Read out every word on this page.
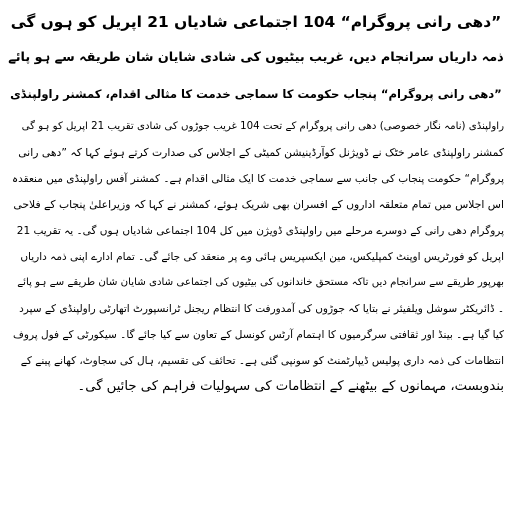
”دھی رانی پروگرام“ 104 اجتماعی شادیاں 21 اپریل کو ہوں گی

ذمہ داریاں سرانجام دیں، غریب بیٹیوں کی شادی شایان شان طریقہ سے ہو پائے

”دھی رانی پروگرام“ پنجاب حکومت کا سماجی خدمت کا مثالی اقدام، کمشنر راولپنڈی

راولپنڈی (نامہ نگار خصوصی) دھی رانی پروگرام کے تحت 104 غریب جوڑوں کی شادی تقریب 21 اپریل کو ہو گی

کمشنر راولپنڈی عامر خٹک نے ڈویژنل کوآرڈینیشن کمیٹی کے اجلاس کی صدارت کرتے ہوئے کہا کہ ”دھی رانی

پروگرام“ حکومت پنجاب کی جانب سے سماجی خدمت کا ایک مثالی اقدام ہے۔ کمشنر آفس راولپنڈی میں منعقدہ

اس اجلاس میں تمام متعلقہ اداروں کے افسران بھی شریک ہوئے، کمشنر نے کہا کہ وزیراعلیٰ پنجاب کے فلاحی

پروگرام دھی رانی کے دوسرے مرحلے میں راولپنڈی ڈویژن میں کل 104 اجتماعی شادیاں ہوں گی۔ یہ تقریب 21

اپریل کو فورٹریس اوپنٹ کمپلیکس، مین ایکسپریس ہائی وے پر منعقد کی جائے گی۔ تمام ادارے اپنی ذمہ داریاں

بھرپور طریقے سے سرانجام دیں تاکہ مستحق خاندانوں کی بیٹیوں کی اجتماعی شادی شایان شان طریقے سے ہو پائے

۔ ڈائریکٹر سوشل ویلفیئر نے بتایا کہ جوڑوں کی آمدورفت کا انتظام ریجنل ٹرانسپورٹ اتھارٹی راولپنڈی کے سپرد

کیا گیا ہے۔ بینڈ اور ثقافتی سرگرمیوں کا اہتمام آرٹس کونسل کے تعاون سے کیا جائے گا۔ سیکورٹی کے فول پروف

انتظامات کی ذمہ داری پولیس ڈیپارٹمنٹ کو سونپی گئی ہے۔ تحائف کی تقسیم، ہال کی سجاوٹ، کھانے پینے کے

بندوبست، مہمانوں کے بیٹھنے کے انتظامات کی سہولیات فراہم کی جائیں گی۔
